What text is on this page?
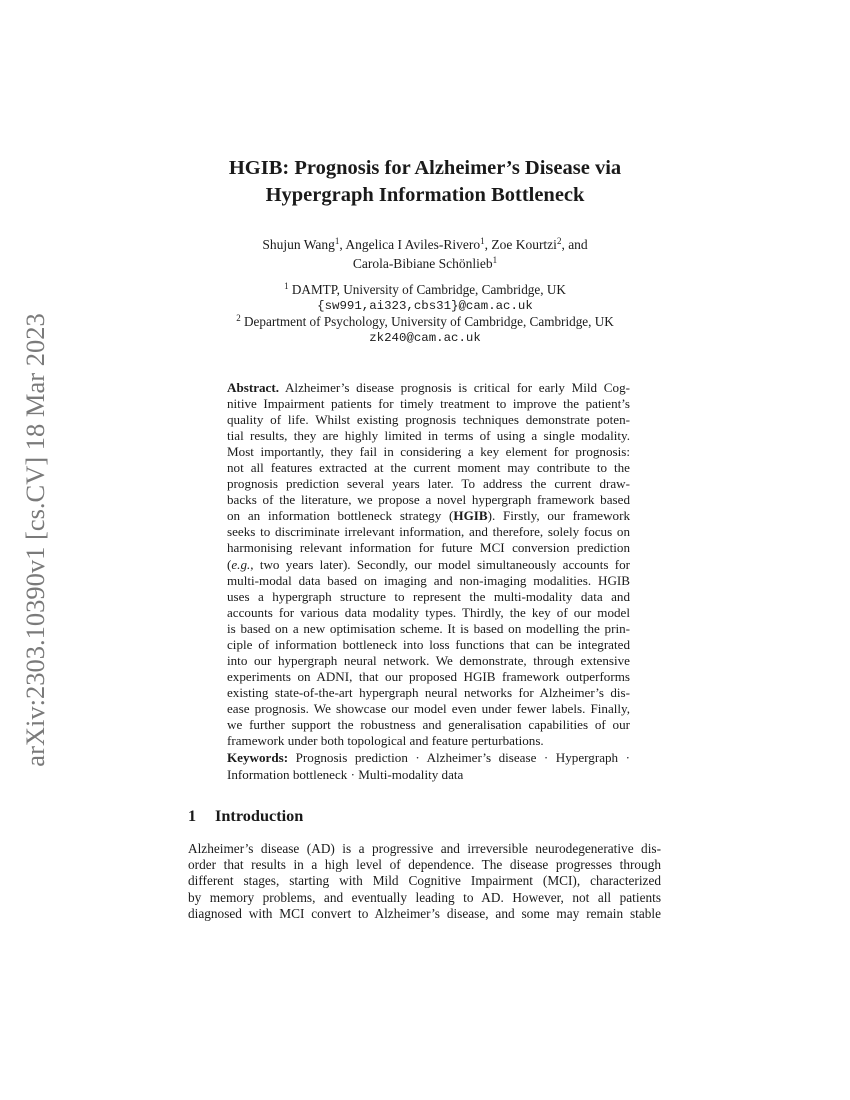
arXiv:2303.10390v1 [cs.CV] 18 Mar 2023
HGIB: Prognosis for Alzheimer’s Disease via
Hypergraph Information Bottleneck
Shujun Wang$^1$, Angelica I Aviles-Rivero$^1$, Zoe Kourtzi$^2$, and
Carola-Bibiane Schönlieb$^1$
$^1$ DAMTP, University of Cambridge, Cambridge, UK
{sw991,ai323,cbs31}@cam.ac.uk
$^2$ Department of Psychology, University of Cambridge, Cambridge, UK
zk240@cam.ac.uk
Abstract. Alzheimer’s disease prognosis is critical for early Mild Cog-
nitive Impairment patients for timely treatment to improve the patient’s
quality of life. Whilst existing prognosis techniques demonstrate poten-
tial results, they are highly limited in terms of using a single modality.
Most importantly, they fail in considering a key element for prognosis:
not all features extracted at the current moment may contribute to the
prognosis prediction several years later. To address the current draw-
backs of the literature, we propose a novel hypergraph framework based
on an information bottleneck strategy (HGIB). Firstly, our framework
seeks to discriminate irrelevant information, and therefore, solely focus on
harmonising relevant information for future MCI conversion prediction
(e.g., two years later). Secondly, our model simultaneously accounts for
multi-modal data based on imaging and non-imaging modalities. HGIB
uses a hypergraph structure to represent the multi-modality data and
accounts for various data modality types. Thirdly, the key of our model
is based on a new optimisation scheme. It is based on modelling the prin-
ciple of information bottleneck into loss functions that can be integrated
into our hypergraph neural network. We demonstrate, through extensive
experiments on ADNI, that our proposed HGIB framework outperforms
existing state-of-the-art hypergraph neural networks for Alzheimer’s dis-
ease prognosis. We showcase our model even under fewer labels. Finally,
we further support the robustness and generalisation capabilities of our
framework under both topological and feature perturbations.
Keywords: Prognosis prediction · Alzheimer’s disease · Hypergraph ·
Information bottleneck · Multi-modality data
1 Introduction
Alzheimer’s disease (AD) is a progressive and irreversible neurodegenerative dis-
order that results in a high level of dependence. The disease progresses through
different stages, starting with Mild Cognitive Impairment (MCI), characterized
by memory problems, and eventually leading to AD. However, not all patients
diagnosed with MCI convert to Alzheimer’s disease, and some may remain stable
